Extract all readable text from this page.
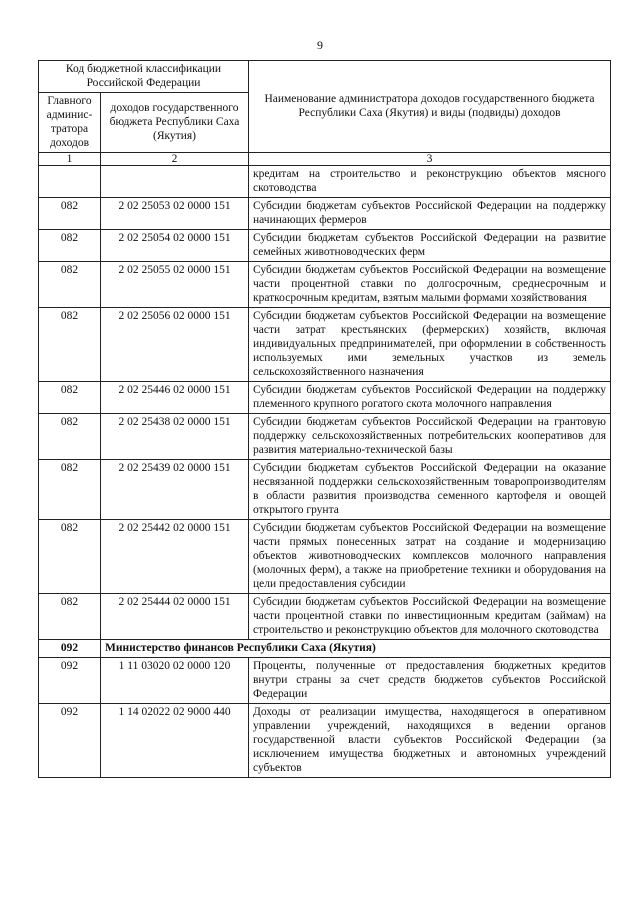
9
Код бюджетной классификации Российской Федерации		Наименование администратора доходов государственного бюджета Республики Саха (Якутия) и виды (подвиды) доходов
Главного админис-тратора доходов	доходов государственного бюджета Республики Саха (Якутия)	
1	2	3
		кредитам на строительство и реконструкцию объектов мясного скотоводства
082	2 02 25053 02 0000 151	Субсидии бюджетам субъектов Российской Федерации на поддержку начинающих фермеров
082	2 02 25054 02 0000 151	Субсидии бюджетам субъектов Российской Федерации на развитие семейных животноводческих ферм
082	2 02 25055 02 0000 151	Субсидии бюджетам субъектов Российской Федерации на возмещение части процентной ставки по долгосрочным, среднесрочным и краткосрочным кредитам, взятым малыми формами хозяйствования
082	2 02 25056 02 0000 151	Субсидии бюджетам субъектов Российской Федерации на возмещение части затрат крестьянских (фермерских) хозяйств, включая индивидуальных предпринимателей, при оформлении в собственность используемых ими земельных участков из земель сельскохозяйственного назначения
082	2 02 25446 02 0000 151	Субсидии бюджетам субъектов Российской Федерации на поддержку племенного крупного рогатого скота молочного направления
082	2 02 25438 02 0000 151	Субсидии бюджетам субъектов Российской Федерации на грантовую поддержку сельскохозяйственных потребительских кооперативов для развития материально-технической базы
082	2 02 25439 02 0000 151	Субсидии бюджетам субъектов Российской Федерации на оказание несвязанной поддержки сельскохозяйственным товаропроизводителям в области развития производства семенного картофеля и овощей открытого грунта
082	2 02 25442 02 0000 151	Субсидии бюджетам субъектов Российской Федерации на возмещение части прямых понесенных затрат на создание и модернизацию объектов животноводческих комплексов молочного направления (молочных ферм), а также на приобретение техники и оборудования на цели предоставления субсидии
082	2 02 25444 02 0000 151	Субсидии бюджетам субъектов Российской Федерации на возмещение части процентной ставки по инвестиционным кредитам (займам) на строительство и реконструкцию объектов для молочного скотоводства
092	Министерство финансов Республики Саха (Якутия)	
092	1 11 03020 02 0000 120	Проценты, полученные от предоставления бюджетных кредитов внутри страны за счет средств бюджетов субъектов Российской Федерации
092	1 14 02022 02 9000 440	Доходы от реализации имущества, находящегося в оперативном управлении учреждений, находящихся в ведении органов государственной власти субъектов Российской Федерации (за исключением имущества бюджетных и автономных учреждений субъектов
